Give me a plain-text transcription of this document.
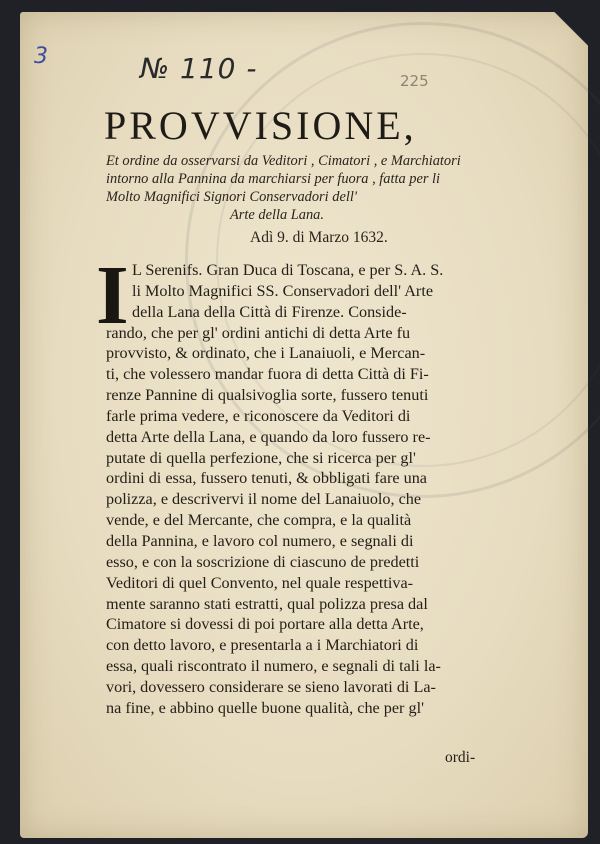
3	№ 110 -	225
PROVVISIONE,
Et ordine da osservarsi da Veditori , Cimatori , e Marchiatori
intorno alla Pannina da marchiarsi per fuora , fatta per li
Molto Magnifici Signori Conservadori dell'
Arte della Lana.
Adì 9. di Marzo 1632.
I L Serenifs. Gran Duca di Toscana, e per S. A. S.
li Molto Magnifici SS. Conservadori dell' Arte
della Lana della Città di Firenze. Conside-
rando, che per gl' ordini antichi di detta Arte fu
provvisto, & ordinato, che i Lanaiuoli, e Mercan-
ti, che volessero mandar fuora di detta Città di Fi-
renze Pannine di qualsivoglia sorte, fussero tenuti
farle prima vedere, e riconoscere da Veditori di
detta Arte della Lana, e quando da loro fussero re-
putate di quella perfezione, che si ricerca per gl'
ordini di essa, fussero tenuti, & obbligati fare una
polizza, e descrivervi il nome del Lanaiuolo, che
vende, e del Mercante, che compra, e la qualità
della Pannina, e lavoro col numero, e segnali di
esso, e con la soscrizione di ciascuno de predetti
Veditori di quel Convento, nel quale respettiva-
mente saranno stati estratti, qual polizza presa dal
Cimatore si dovessi di poi portare alla detta Arte,
con detto lavoro, e presentarla a i Marchiatori di
essa, quali riscontrato il numero, e segnali di tali la-
vori, dovessero considerare se sieno lavorati di La-
na fine, e abbino quelle buone qualità, che per gl'
ordi-
